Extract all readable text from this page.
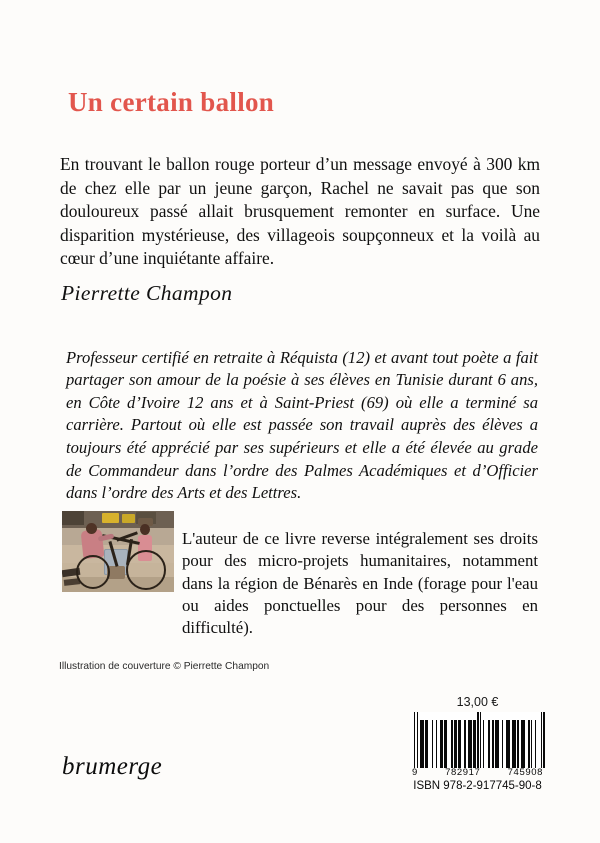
Un certain ballon

En trouvant le ballon rouge porteur d’un message envoyé à 300 km de chez elle par un jeune garçon, Rachel ne savait pas que son douloureux passé allait brusquement remonter en surface. Une disparition mystérieuse, des villageois soupçonneux et la voilà au cœur d’une inquiétante affaire.

Pierrette Champon

Professeur certifié en retraite à Réquista (12) et avant tout poète a fait partager son amour de la poésie à ses élèves en Tunisie durant 6 ans, en Côte d’Ivoire 12 ans et à Saint-Priest (69) où elle a terminé sa carrière. Partout où elle est passée son travail auprès des élèves a toujours été apprécié par ses supérieurs et elle a été élevée au grade de Commandeur dans l’ordre des Palmes Académiques et d’Officier dans l’ordre des Arts et des Lettres.

L'auteur de ce livre reverse intégralement ses droits pour des micro-projets humanitaires, notamment dans la région de Bénarès en Inde (forage pour l'eau ou aides ponctuelles pour des personnes en difficulté).

Illustration de couverture © Pierrette Champon
13,00 €
9	782917	745908
ISBN 978-2-917745-90-8
brumerge
